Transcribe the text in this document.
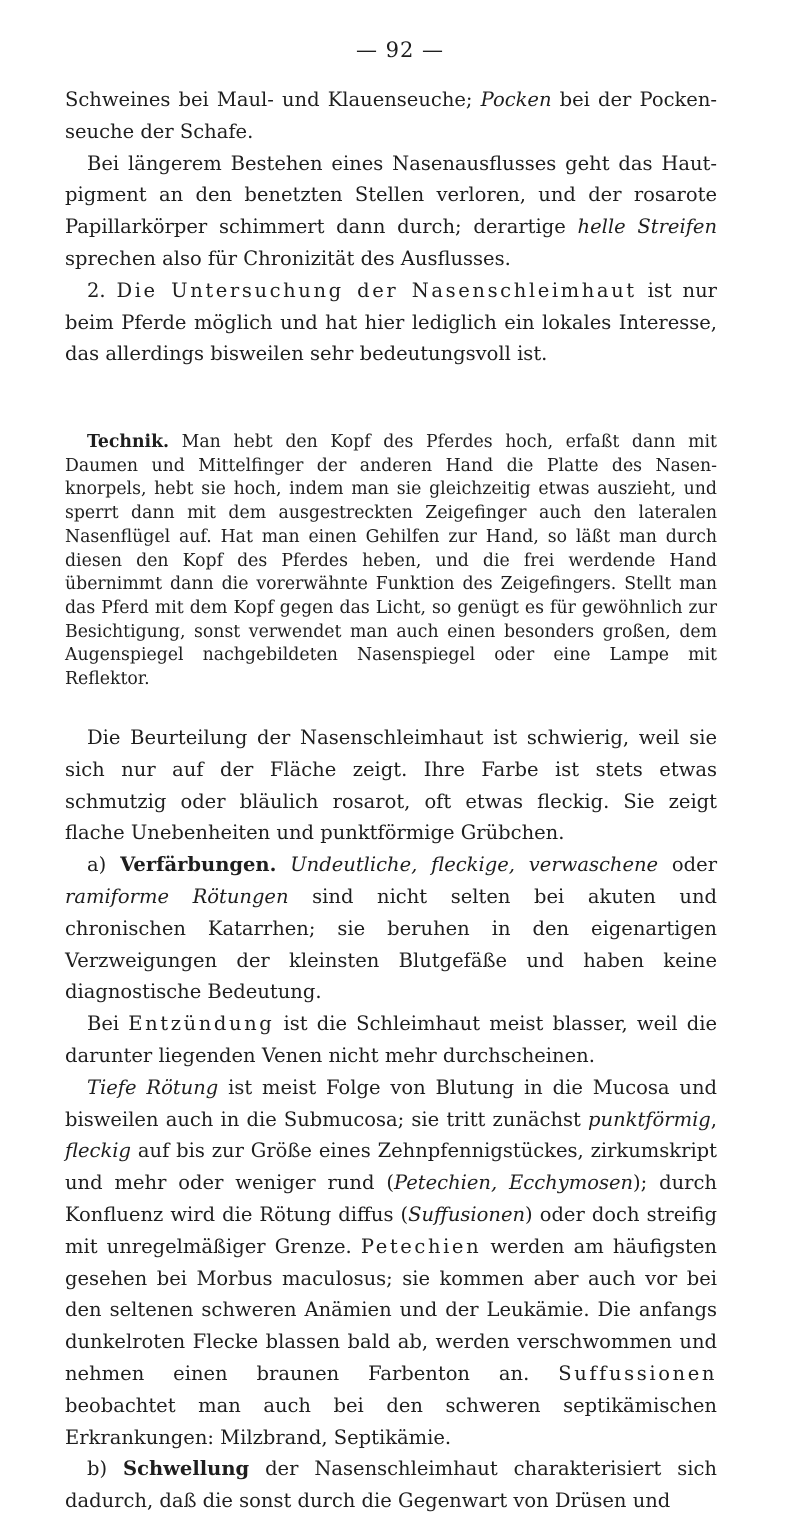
— 92 —

Schweines bei Maul- und Klauenseuche; Pocken bei der Pockenseuche der Schafe.

Bei längerem Bestehen eines Nasenausflusses geht das Hautpigment an den benetzten Stellen verloren, und der rosarote Papillarkörper schimmert dann durch; derartige helle Streifen sprechen also für Chronizität des Ausflusses.

2. Die Untersuchung der Nasenschleimhaut ist nur beim Pferde möglich und hat hier lediglich ein lokales Interesse, das allerdings bisweilen sehr bedeutungsvoll ist.

Technik. Man hebt den Kopf des Pferdes hoch, erfaßt dann mit Daumen und Mittelfinger der anderen Hand die Platte des Nasenknorpels, hebt sie hoch, indem man sie gleichzeitig etwas auszieht, und sperrt dann mit dem ausgestreckten Zeigefinger auch den lateralen Nasenflügel auf. Hat man einen Gehilfen zur Hand, so läßt man durch diesen den Kopf des Pferdes heben, und die frei werdende Hand übernimmt dann die vorerwähnte Funktion des Zeigefingers. Stellt man das Pferd mit dem Kopf gegen das Licht, so genügt es für gewöhnlich zur Besichtigung, sonst verwendet man auch einen besonders großen, dem Augenspiegel nachgebildeten Nasenspiegel oder eine Lampe mit Reflektor.

Die Beurteilung der Nasenschleimhaut ist schwierig, weil sie sich nur auf der Fläche zeigt. Ihre Farbe ist stets etwas schmutzig oder bläulich rosarot, oft etwas fleckig. Sie zeigt flache Unebenheiten und punktförmige Grübchen.

a) Verfärbungen. Undeutliche, fleckige, verwaschene oder ramiforme Rötungen sind nicht selten bei akuten und chronischen Katarrhen; sie beruhen in den eigenartigen Verzweigungen der kleinsten Blutgefäße und haben keine diagnostische Bedeutung.

Bei Entzündung ist die Schleimhaut meist blasser, weil die darunter liegenden Venen nicht mehr durchscheinen.

Tiefe Rötung ist meist Folge von Blutung in die Mucosa und bisweilen auch in die Submucosa; sie tritt zunächst punktförmig, fleckig auf bis zur Größe eines Zehnpfennigstückes, zirkumskript und mehr oder weniger rund (Petechien, Ecchymosen); durch Konfluenz wird die Rötung diffus (Suffusionen) oder doch streifig mit unregelmäßiger Grenze. Petechien werden am häufigsten gesehen bei Morbus maculosus; sie kommen aber auch vor bei den seltenen schweren Anämien und der Leukämie. Die anfangs dunkelroten Flecke blassen bald ab, werden verschwommen und nehmen einen braunen Farbenton an. Suffussionen beobachtet man auch bei den schweren septikämischen Erkrankungen: Milzbrand, Septikämie.

b) Schwellung der Nasenschleimhaut charakterisiert sich dadurch, daß die sonst durch die Gegenwart von Drüsen und
